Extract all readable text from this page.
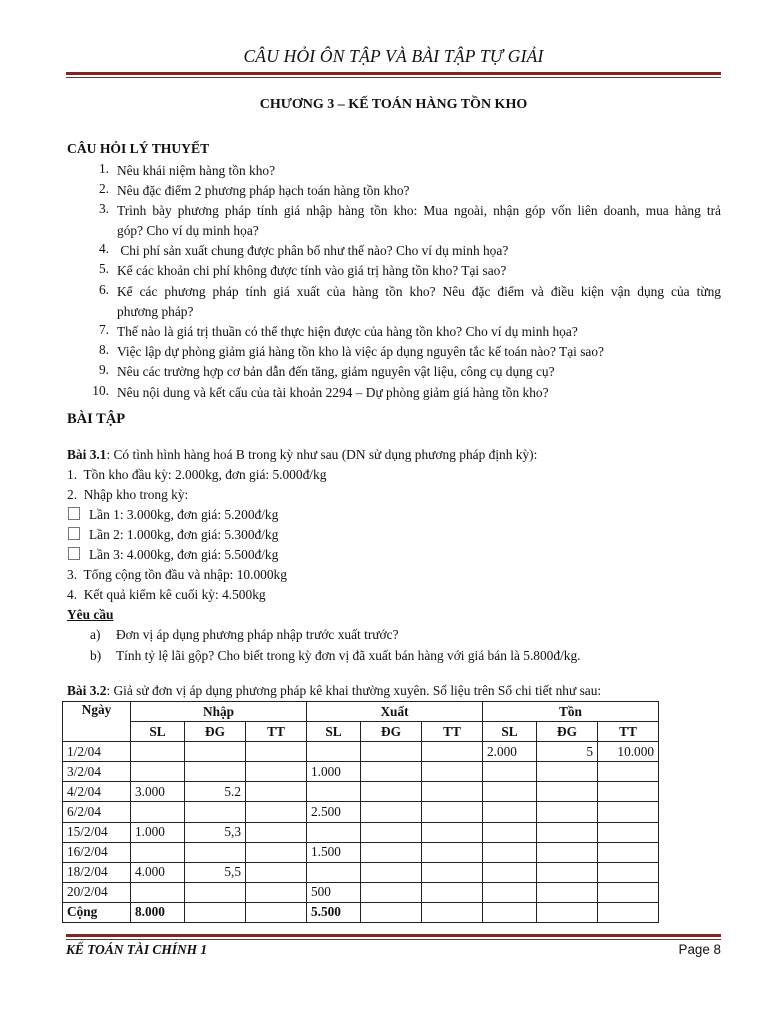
CÂU HỎI ÔN TẬP VÀ BÀI TẬP TỰ GIẢI
CHƯƠNG 3 – KẾ TOÁN HÀNG TỒN KHO
CÂU HỎI LÝ THUYẾT
1. Nêu khái niệm hàng tồn kho?
2. Nêu đặc điểm 2 phương pháp hạch toán hàng tồn kho?
3. Trình bày phương pháp tính giá nhập hàng tồn kho: Mua ngoài, nhận góp vốn liên doanh, mua hàng trả
góp? Cho ví dụ minh họa?
4. Chi phí sản xuất chung được phân bổ như thế nào? Cho ví dụ minh họa?
5. Kể các khoản chi phí không được tính vào giá trị hàng tồn kho? Tại sao?
6. Kể các phương pháp tính giá xuất của hàng tồn kho? Nêu đặc điểm và điều kiện vận dụng của từng
phương pháp?
7. Thế nào là giá trị thuần có thể thực hiện được của hàng tồn kho? Cho ví dụ minh họa?
8. Việc lập dự phòng giảm giá hàng tồn kho là việc áp dụng nguyên tắc kế toán nào? Tại sao?
9. Nêu các trường hợp cơ bản dẫn đến tăng, giảm nguyên vật liệu, công cụ dụng cụ?
10. Nêu nội dung và kết cấu của tài khoản 2294 – Dự phòng giảm giá hàng tồn kho?
BÀI TẬP
Bài 3.1: Có tình hình hàng hoá B trong kỳ như sau (DN sử dụng phương pháp định kỳ):
1.  Tồn kho đầu kỳ: 2.000kg, đơn giá: 5.000đ/kg
2.  Nhập kho trong kỳ:
Lần 1: 3.000kg, đơn giá: 5.200đ/kg
Lần 2: 1.000kg, đơn giá: 5.300đ/kg
Lần 3: 4.000kg, đơn giá: 5.500đ/kg
3.  Tổng cộng tồn đầu và nhập: 10.000kg
4.  Kết quả kiểm kê cuối kỳ: 4.500kg
Yêu cầu
a) Đơn vị áp dụng phương pháp nhập trước xuất trước?
b) Tính tỷ lệ lãi gộp? Cho biết trong kỳ đơn vị đã xuất bán hàng với giá bán là 5.800đ/kg.
Bài 3.2: Giả sử đơn vị áp dụng phương pháp kê khai thường xuyên. Số liệu trên Sổ chi tiết như sau:
Ngày	Nhập			Xuất			Tồn		
	SL	ĐG	TT	SL	ĐG	TT	SL	ĐG	TT
1/2/04							2.000	5	10.000
3/2/04				1.000					
4/2/04	3.000	5.2							
6/2/04				2.500					
15/2/04	1.000	5,3							
16/2/04				1.500					
18/2/04	4.000	5,5							
20/2/04				500					
Cộng	8.000			5.500					
KẾ TOÁN TÀI CHÍNH 1	Page 8
